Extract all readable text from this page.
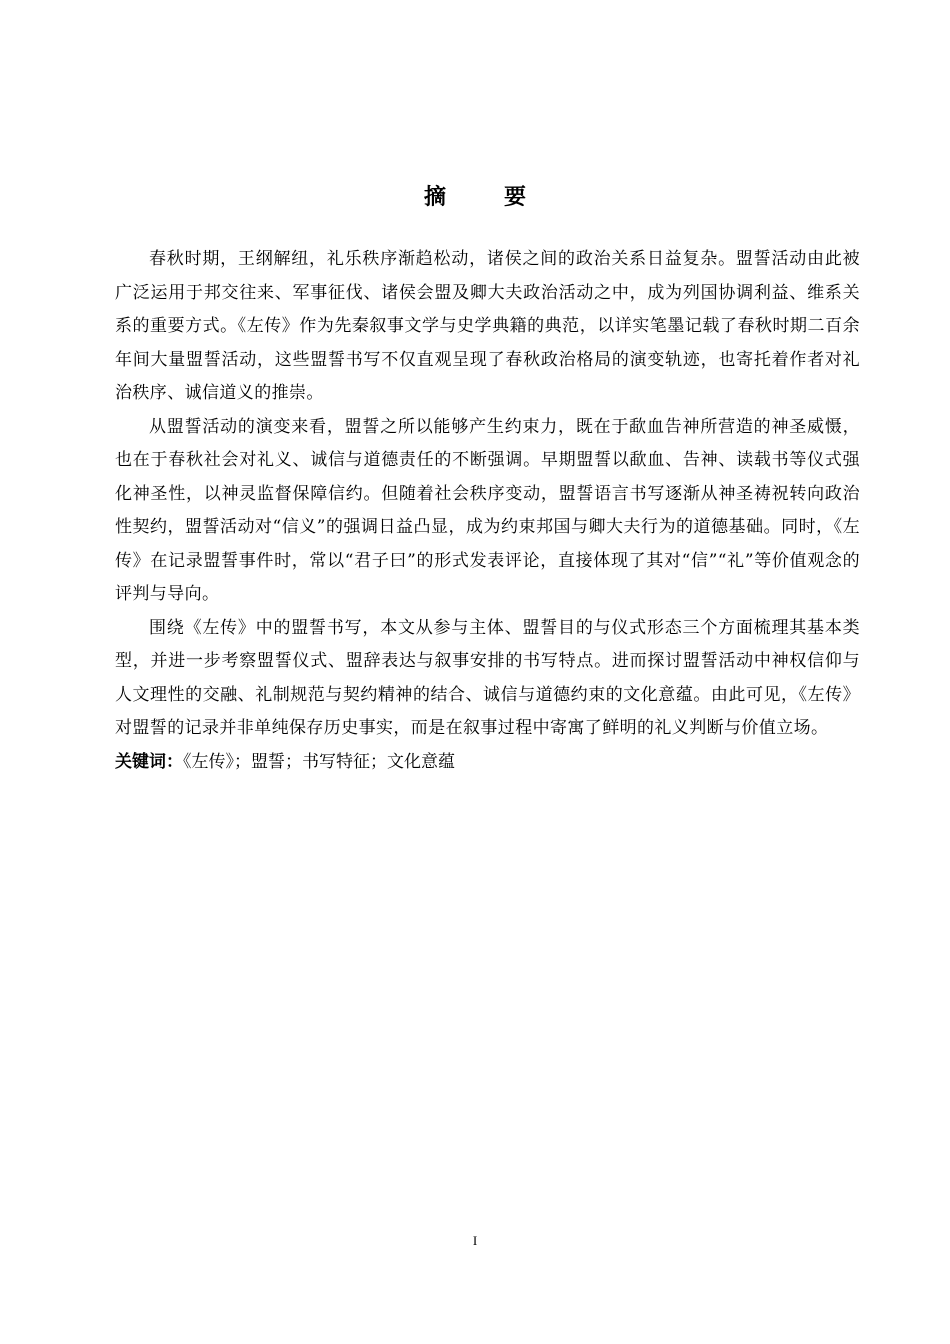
摘　要

春秋时期，王纲解纽，礼乐秩序渐趋松动，诸侯之间的政治关系日益复杂。盟誓活动由此被广泛运用于邦交往来、军事征伐、诸侯会盟及卿大夫政治活动之中，成为列国协调利益、维系关系的重要方式。《左传》作为先秦叙事文学与史学典籍的典范，以详实笔墨记载了春秋时期二百余年间大量盟誓活动，这些盟誓书写不仅直观呈现了春秋政治格局的演变轨迹，也寄托着作者对礼治秩序、诚信道义的推崇。

从盟誓活动的演变来看，盟誓之所以能够产生约束力，既在于歃血告神所营造的神圣威慑，也在于春秋社会对礼义、诚信与道德责任的不断强调。早期盟誓以歃血、告神、读载书等仪式强化神圣性，以神灵监督保障信约。但随着社会秩序变动，盟誓语言书写逐渐从神圣祷祝转向政治性契约，盟誓活动对“信义”的强调日益凸显，成为约束邦国与卿大夫行为的道德基础。同时，《左传》在记录盟誓事件时，常以“君子曰”的形式发表评论，直接体现了其对“信”“礼”等价值观念的评判与导向。

围绕《左传》中的盟誓书写，本文从参与主体、盟誓目的与仪式形态三个方面梳理其基本类型，并进一步考察盟誓仪式、盟辞表达与叙事安排的书写特点。进而探讨盟誓活动中神权信仰与人文理性的交融、礼制规范与契约精神的结合、诚信与道德约束的文化意蕴。由此可见，《左传》对盟誓的记录并非单纯保存历史事实，而是在叙事过程中寄寓了鲜明的礼义判断与价值立场。

关键词：《左传》；盟誓；书写特征；文化意蕴

I
